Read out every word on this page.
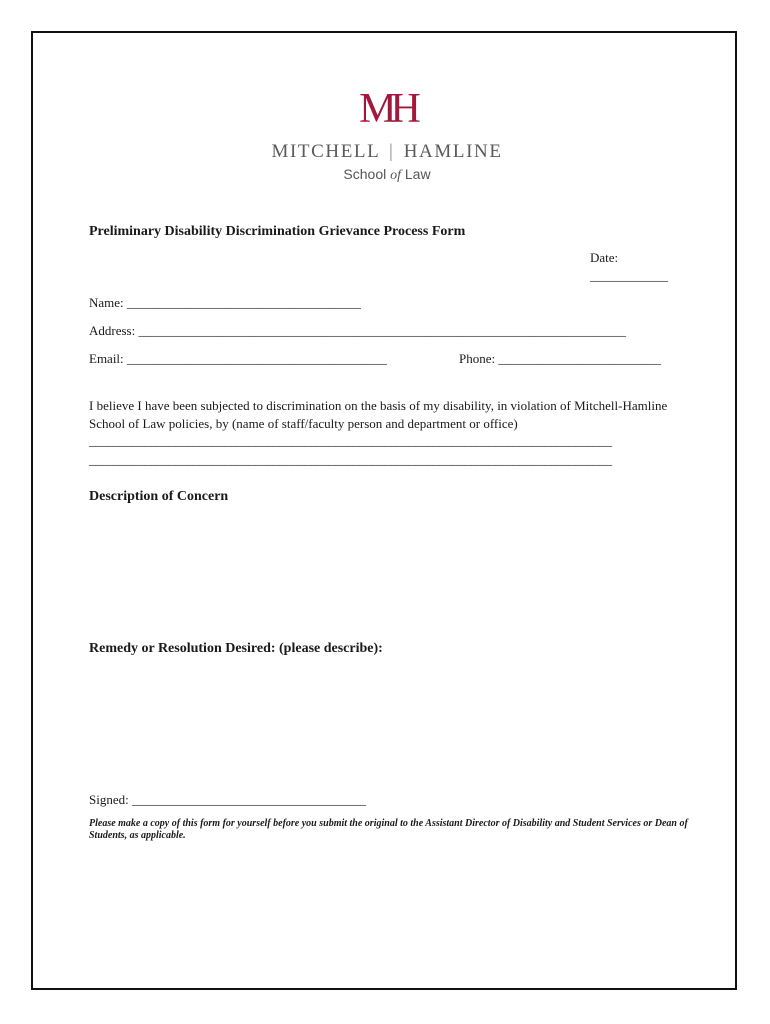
MH
MITCHELL | HAMLINE
School of Law
Preliminary Disability Discrimination Grievance Process Form
Date:
____________
Name: ____________________________________
Address: ___________________________________________________________________________
Email: ________________________________________	Phone: _________________________
I believe I have been subjected to discrimination on the basis of my disability, in violation of Mitchell-Hamline School of Law policies, by (name of staff/faculty person and department or office)
_____________________________________________________________________________________
_____________________________________________________________________________________
Description of Concern
Remedy or Resolution Desired: (please describe):
Signed: ____________________________________
Please make a copy of this form for yourself before you submit the original to the Assistant Director of Disability and Student Services or Dean of Students, as applicable.
